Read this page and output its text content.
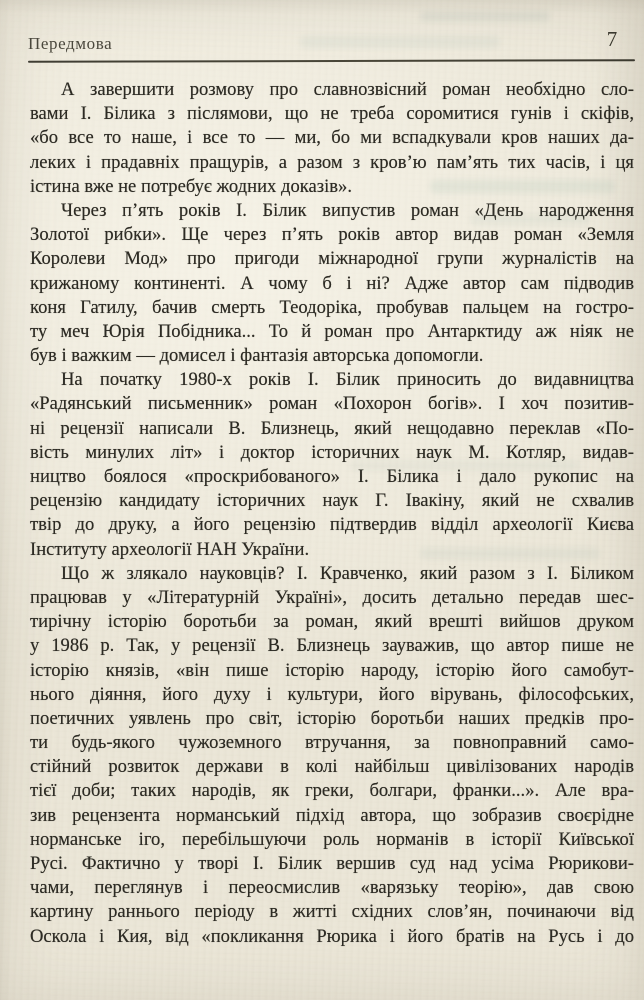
Передмова	7
А завершити розмову про славнозвісний роман необхідно сло-
вами І. Білика з післямови, що не треба соромитися гунів і скіфів,
«бо все то наше, і все то — ми, бо ми вспадкували кров наших да-
леких і прадавніх пращурів, а разом з кров’ю пам’ять тих часів, і ця
істина вже не потребує жодних доказів».
Через п’ять років І. Білик випустив роман «День народження
Золотої рибки». Ще через п’ять років автор видав роман «Земля
Королеви Мод» про пригоди міжнародної групи журналістів на
крижаному континенті. А чому б і ні? Адже автор сам підводив
коня Гатилу, бачив смерть Теодоріка, пробував пальцем на гостро-
ту меч Юрія Побідника... То й роман про Антарктиду аж ніяк не
був і важким — домисел і фантазія авторська допомогли.
На початку 1980-х років І. Білик приносить до видавництва
«Радянський письменник» роман «Похорон богів». І хоч позитив-
ні рецензії написали В. Близнець, який нещодавно переклав «По-
вість минулих літ» і доктор історичних наук М. Котляр, видав-
ництво боялося «проскрибованого» І. Білика і дало рукопис на
рецензію кандидату історичних наук Г. Івакіну, який не схвалив
твір до друку, а його рецензію підтвердив відділ археології Києва
Інституту археології НАН України.
Що ж злякало науковців? І. Кравченко, який разом з І. Біликом
працював у «Літературній Україні», досить детально передав шес-
тирічну історію боротьби за роман, який врешті вийшов друком
у 1986 р. Так, у рецензії В. Близнець зауважив, що автор пише не
історію князів, «він пише історію народу, історію його самобут-
нього діяння, його духу і культури, його вірувань, філософських,
поетичних уявлень про світ, історію боротьби наших предків про-
ти будь-якого чужоземного втручання, за повноправний само-
стійний розвиток держави в колі найбільш цивілізованих народів
тієї доби; таких народів, як греки, болгари, франки...». Але вра-
зив рецензента норманський підхід автора, що зобразив своєрідне
норманське іго, перебільшуючи роль норманів в історії Київської
Русі. Фактично у творі І. Білик вершив суд над усіма Рюрикови-
чами, переглянув і переосмислив «варязьку теорію», дав свою
картину раннього періоду в житті східних слов’ян, починаючи від
Оскола і Кия, від «покликання Рюрика і його братів на Русь і до
